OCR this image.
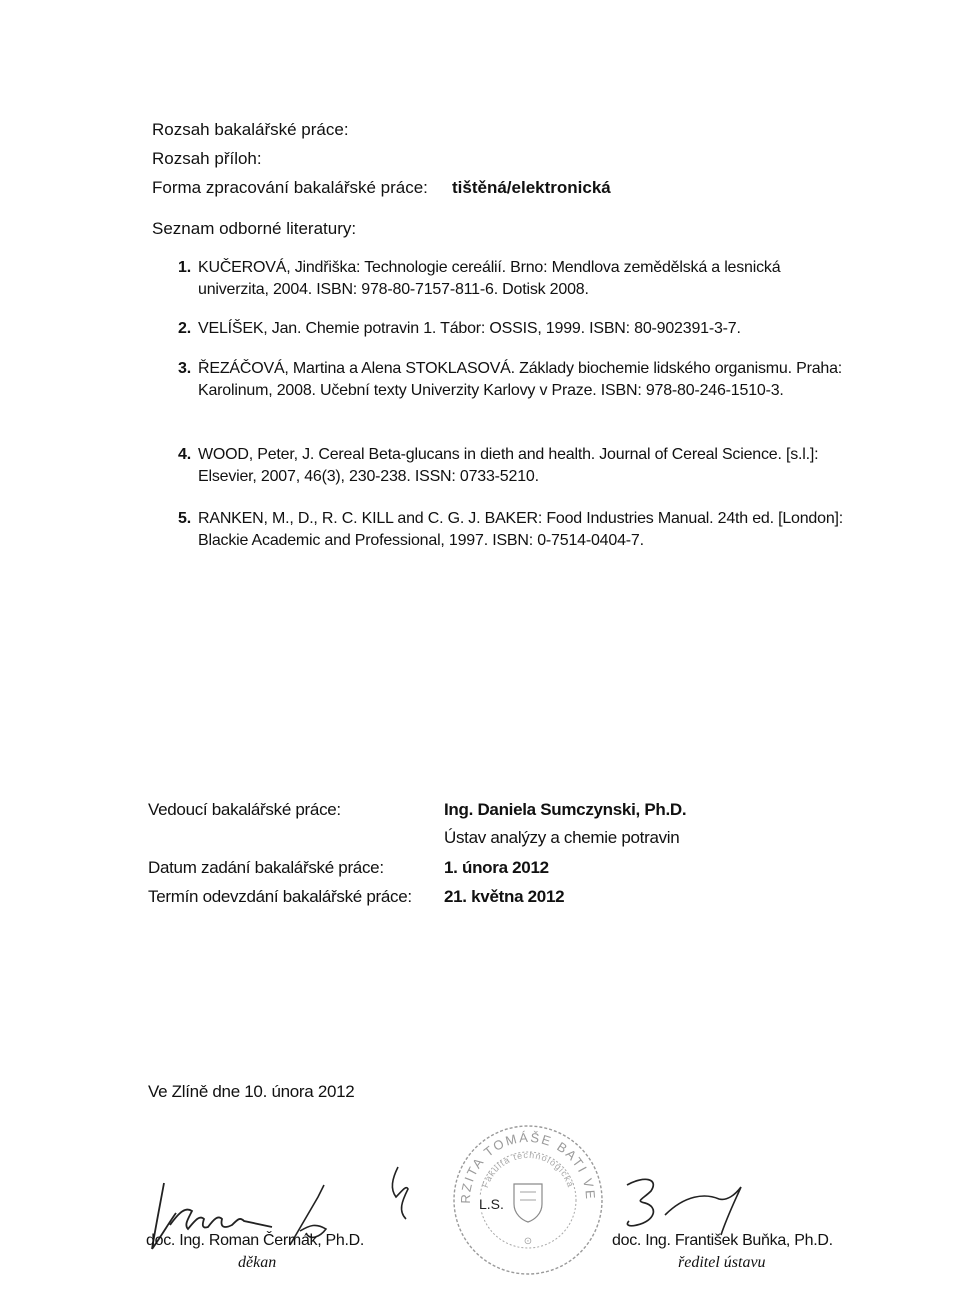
Rozsah bakalářské práce:
Rozsah příloh:
Forma zpracování bakalářské práce: tištěná/elektronická
Seznam odborné literatury:
1. KUČEROVÁ, Jindřiška: Technologie cereálií. Brno: Mendlova zemědělská a lesnická univerzita, 2004. ISBN: 978-80-7157-811-6. Dotisk 2008.
2. VELÍŠEK, Jan. Chemie potravin 1. Tábor: OSSIS, 1999. ISBN: 80-902391-3-7.
3. ŘEZÁČOVÁ, Martina a Alena STOKLASOVÁ. Základy biochemie lidského organismu. Praha: Karolinum, 2008. Učební texty Univerzity Karlovy v Praze. ISBN: 978-80-246-1510-3.
4. WOOD, Peter, J. Cereal Beta-glucans in dieth and health. Journal of Cereal Science. [s.l.]: Elsevier, 2007, 46(3), 230-238. ISSN: 0733-5210.
5. RANKEN, M., D., R. C. KILL and C. G. J. BAKER: Food Industries Manual. 24th ed. [London]: Blackie Academic and Professional, 1997. ISBN: 0-7514-0404-7.
Vedoucí bakalářské práce:	Ing. Daniela Sumczynski, Ph.D.
Ústav analýzy a chemie potravin
Datum zadání bakalářské práce:	1. února 2012
Termín odevzdání bakalářské práce: 21. května 2012
Ve Zlíně dne 10. února 2012
UNIVERZITA TOMÁŠE BATI VE ZLÍNĚ
Fakulta technologická
⊙
L.S.
doc. Ing. Roman Čermák, Ph.D.
děkan
doc. Ing. František Buňka, Ph.D.
ředitel ústavu
